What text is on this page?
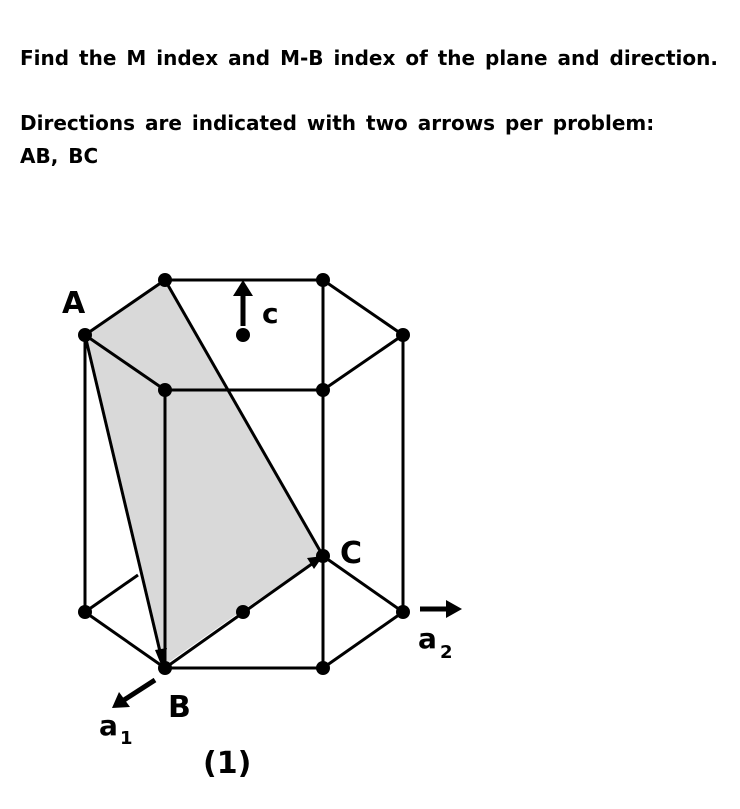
Find the M index and M-B index of the plane and direction.
Directions are indicated with two arrows per problem:
AB, BC
A
B
C
c
a 1
a 2
(1)
